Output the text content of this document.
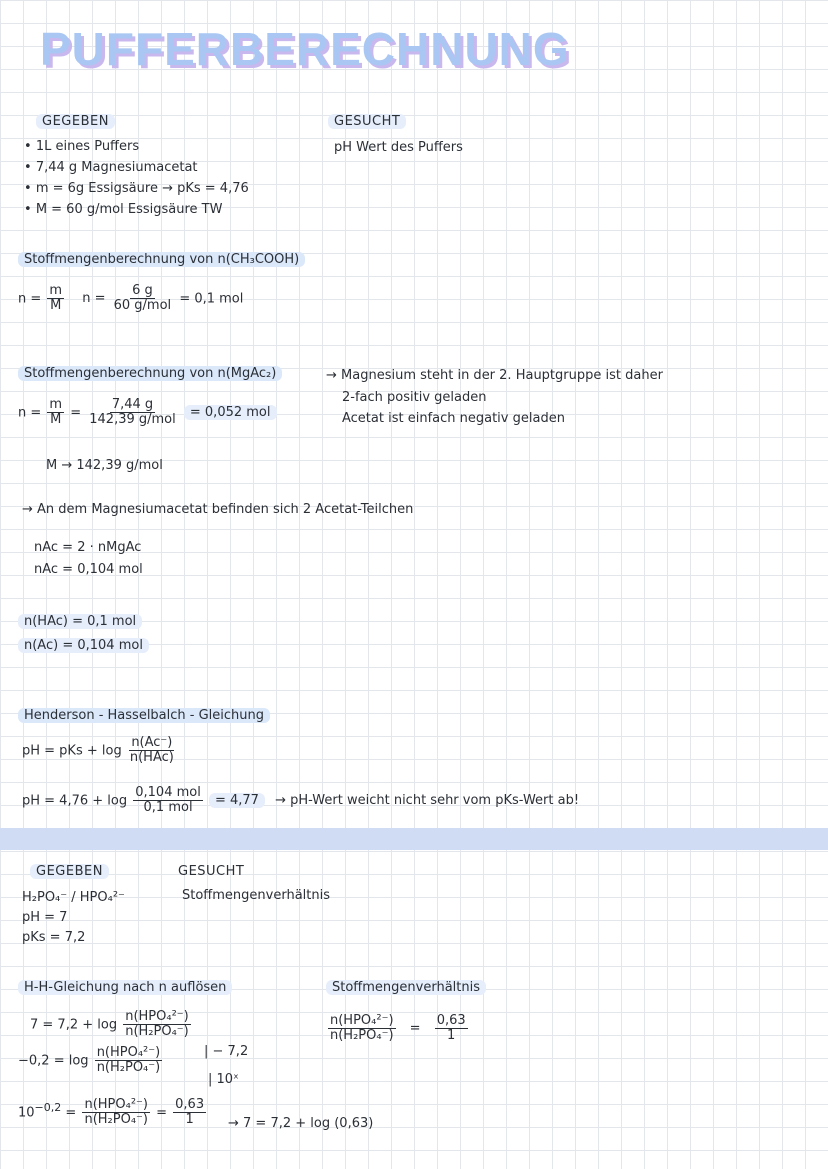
PUFFERBERECHNUNG
GEGEBEN
• 1L eines Puffers
• 7,44 g Magnesiumacetat
• m = 6g Essigsäure → pKs = 4,76
• M = 60 g/mol Essigsäure TW
GESUCHT
pH Wert des Puffers
Stoffmengenberechnung von n(CH₃COOH)
$n = \frac{m}{M}$ $n = \frac{6 g}{\text{60 g/mol}} = 0,1$ mol
Stoffmengenberechnung von n(MgAc₂)	→ Magnesium steht in der 2. Hauptgruppe ist daher
2-fach positiv geladen
Acetat ist einfach negativ geladen
$n = \frac{m}{M} = \frac{7,44 g}{\text{142,39 g/mol}} = 0,052$ mol
M → 142,39 g/mol
→ An dem Magnesiumacetat befinden sich 2 Acetat-Teilchen
nAc = 2 · nMgAc
nAc = 0,104 mol
n(HAc) = 0,1 mol
n(Ac) = 0,104 mol
Henderson - Hasselbalch - Gleichung
pH = pKs + $\log \frac{n(Ac^-)}{\text{n(HAc)}}$
pH = $4,76 + \log \frac{\text{0,104 mol}}{\text{0,1 mol}} = 4,77$ → pH-Wert weicht nicht sehr vom pKs-Wert ab!
GEGEBEN
H₂PO₄⁻ / HPO₄²⁻
pH = 7
pKs = 7,2
GESUCHT
Stoffmengenverhältnis
H-H-Gleichung nach n auflösen	Stoffmengenverhältnis
$7 = 7,2 + \log \frac{\text{n(HPO₄²⁻)}}{\text{n(H₂PO₄⁻)}}$
| − 7,2
$-0,2 = \log \frac{\text{n(HPO₄²⁻)}}{\text{n(H₂PO₄⁻)}}$
| 10ˣ
$10^{-0,2} = \frac{\text{n(HPO₄²⁻)}}{\text{n(H₂PO₄⁻)}} = \frac{0,63}{1} \to 7 = 7,2 + \log (0,63)$
$\frac{\text{n(HPO₄²⁻)}}{\text{n(H₂PO₄⁻)}} = \frac{0,63}{1}$
